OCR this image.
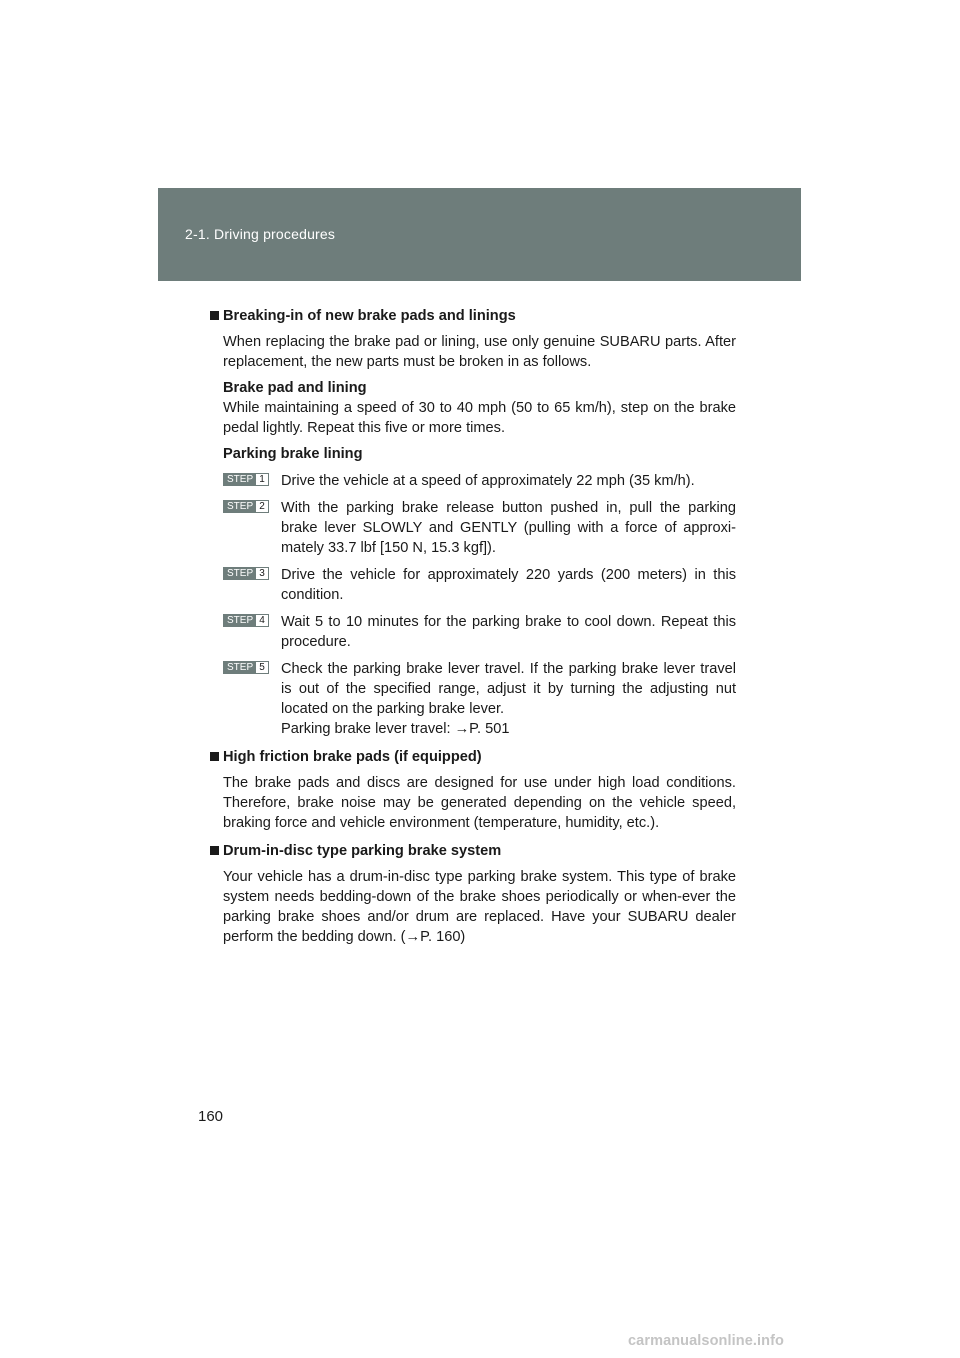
2-1. Driving procedures

Breaking-in of new brake pads and linings

When replacing the brake pad or lining, use only genuine SUBARU parts. After replacement, the new parts must be broken in as follows.

Brake pad and lining

While maintaining a speed of 30 to 40 mph (50 to 65 km/h), step on the brake pedal lightly. Repeat this five or more times.

Parking brake lining

STEP 1 Drive the vehicle at a speed of approximately 22 mph (35 km/h).
STEP 2 With the parking brake release button pushed in, pull the parking brake lever SLOWLY and GENTLY (pulling with a force of approxi-mately 33.7 lbf [150 N, 15.3 kgf]).
STEP 3 Drive the vehicle for approximately 220 yards (200 meters) in this condition.
STEP 4 Wait 5 to 10 minutes for the parking brake to cool down. Repeat this procedure.
STEP 5 Check the parking brake lever travel. If the parking brake lever travel is out of the specified range, adjust it by turning the adjusting nut located on the parking brake lever.
Parking brake lever travel: →P. 501

High friction brake pads (if equipped)

The brake pads and discs are designed for use under high load conditions. Therefore, brake noise may be generated depending on the vehicle speed, braking force and vehicle environment (temperature, humidity, etc.).

Drum-in-disc type parking brake system

Your vehicle has a drum-in-disc type parking brake system. This type of brake system needs bedding-down of the brake shoes periodically or when-ever the parking brake shoes and/or drum are replaced. Have your SUBARU dealer perform the bedding down. (→P. 160)

160
carmanualsonline.info
